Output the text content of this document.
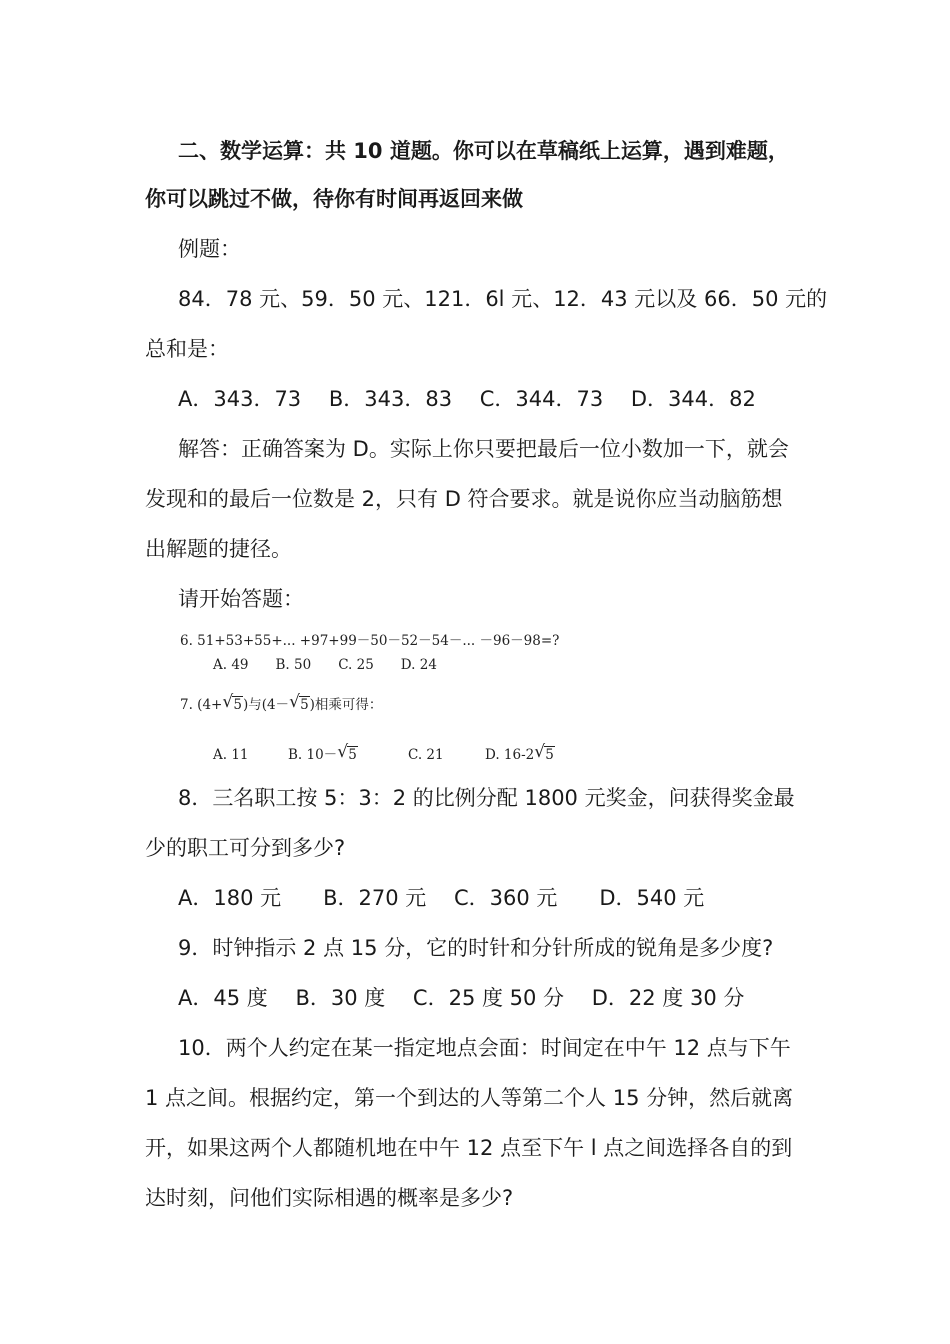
二、数学运算：共 10 道题。你可以在草稿纸上运算，遇到难题，
你可以跳过不做，待你有时间再返回来做
例题：
84．78 元、59．50 元、121．6l 元、12．43 元以及 66．50 元的
总和是：
A．343．73　 B．343．83　 C．344．73　 D．344．82
解答：正确答案为 D。实际上你只要把最后一位小数加一下，就会
发现和的最后一位数是 2，只有 D 符合要求。就是说你应当动脑筋想
出解题的捷径。
请开始答题：
6. 51+53+55+... +97+99－50－52－54－... －96－98=?
A. 49　　B. 50　　C. 25　　D. 24
7. (4+ √ 5)与(4－ √ 5)相乘可得：
A. 11	B. 10－ √ 5	C. 21	D. 16-2 √ 5
8．三名职工按 5：3：2 的比例分配 1800 元奖金，问获得奖金最
少的职工可分到多少?
A．180 元　　B．270 元　 C．360 元　　D．540 元
9．时钟指示 2 点 15 分，它的时针和分针所成的锐角是多少度?
A．45 度　 B．30 度　 C．25 度 50 分　 D．22 度 30 分
10．两个人约定在某一指定地点会面：时间定在中午 12 点与下午
1 点之间。根据约定，第一个到达的人等第二个人 15 分钟，然后就离
开，如果这两个人都随机地在中午 12 点至下午 l 点之间选择各自的到
达时刻，问他们实际相遇的概率是多少?
